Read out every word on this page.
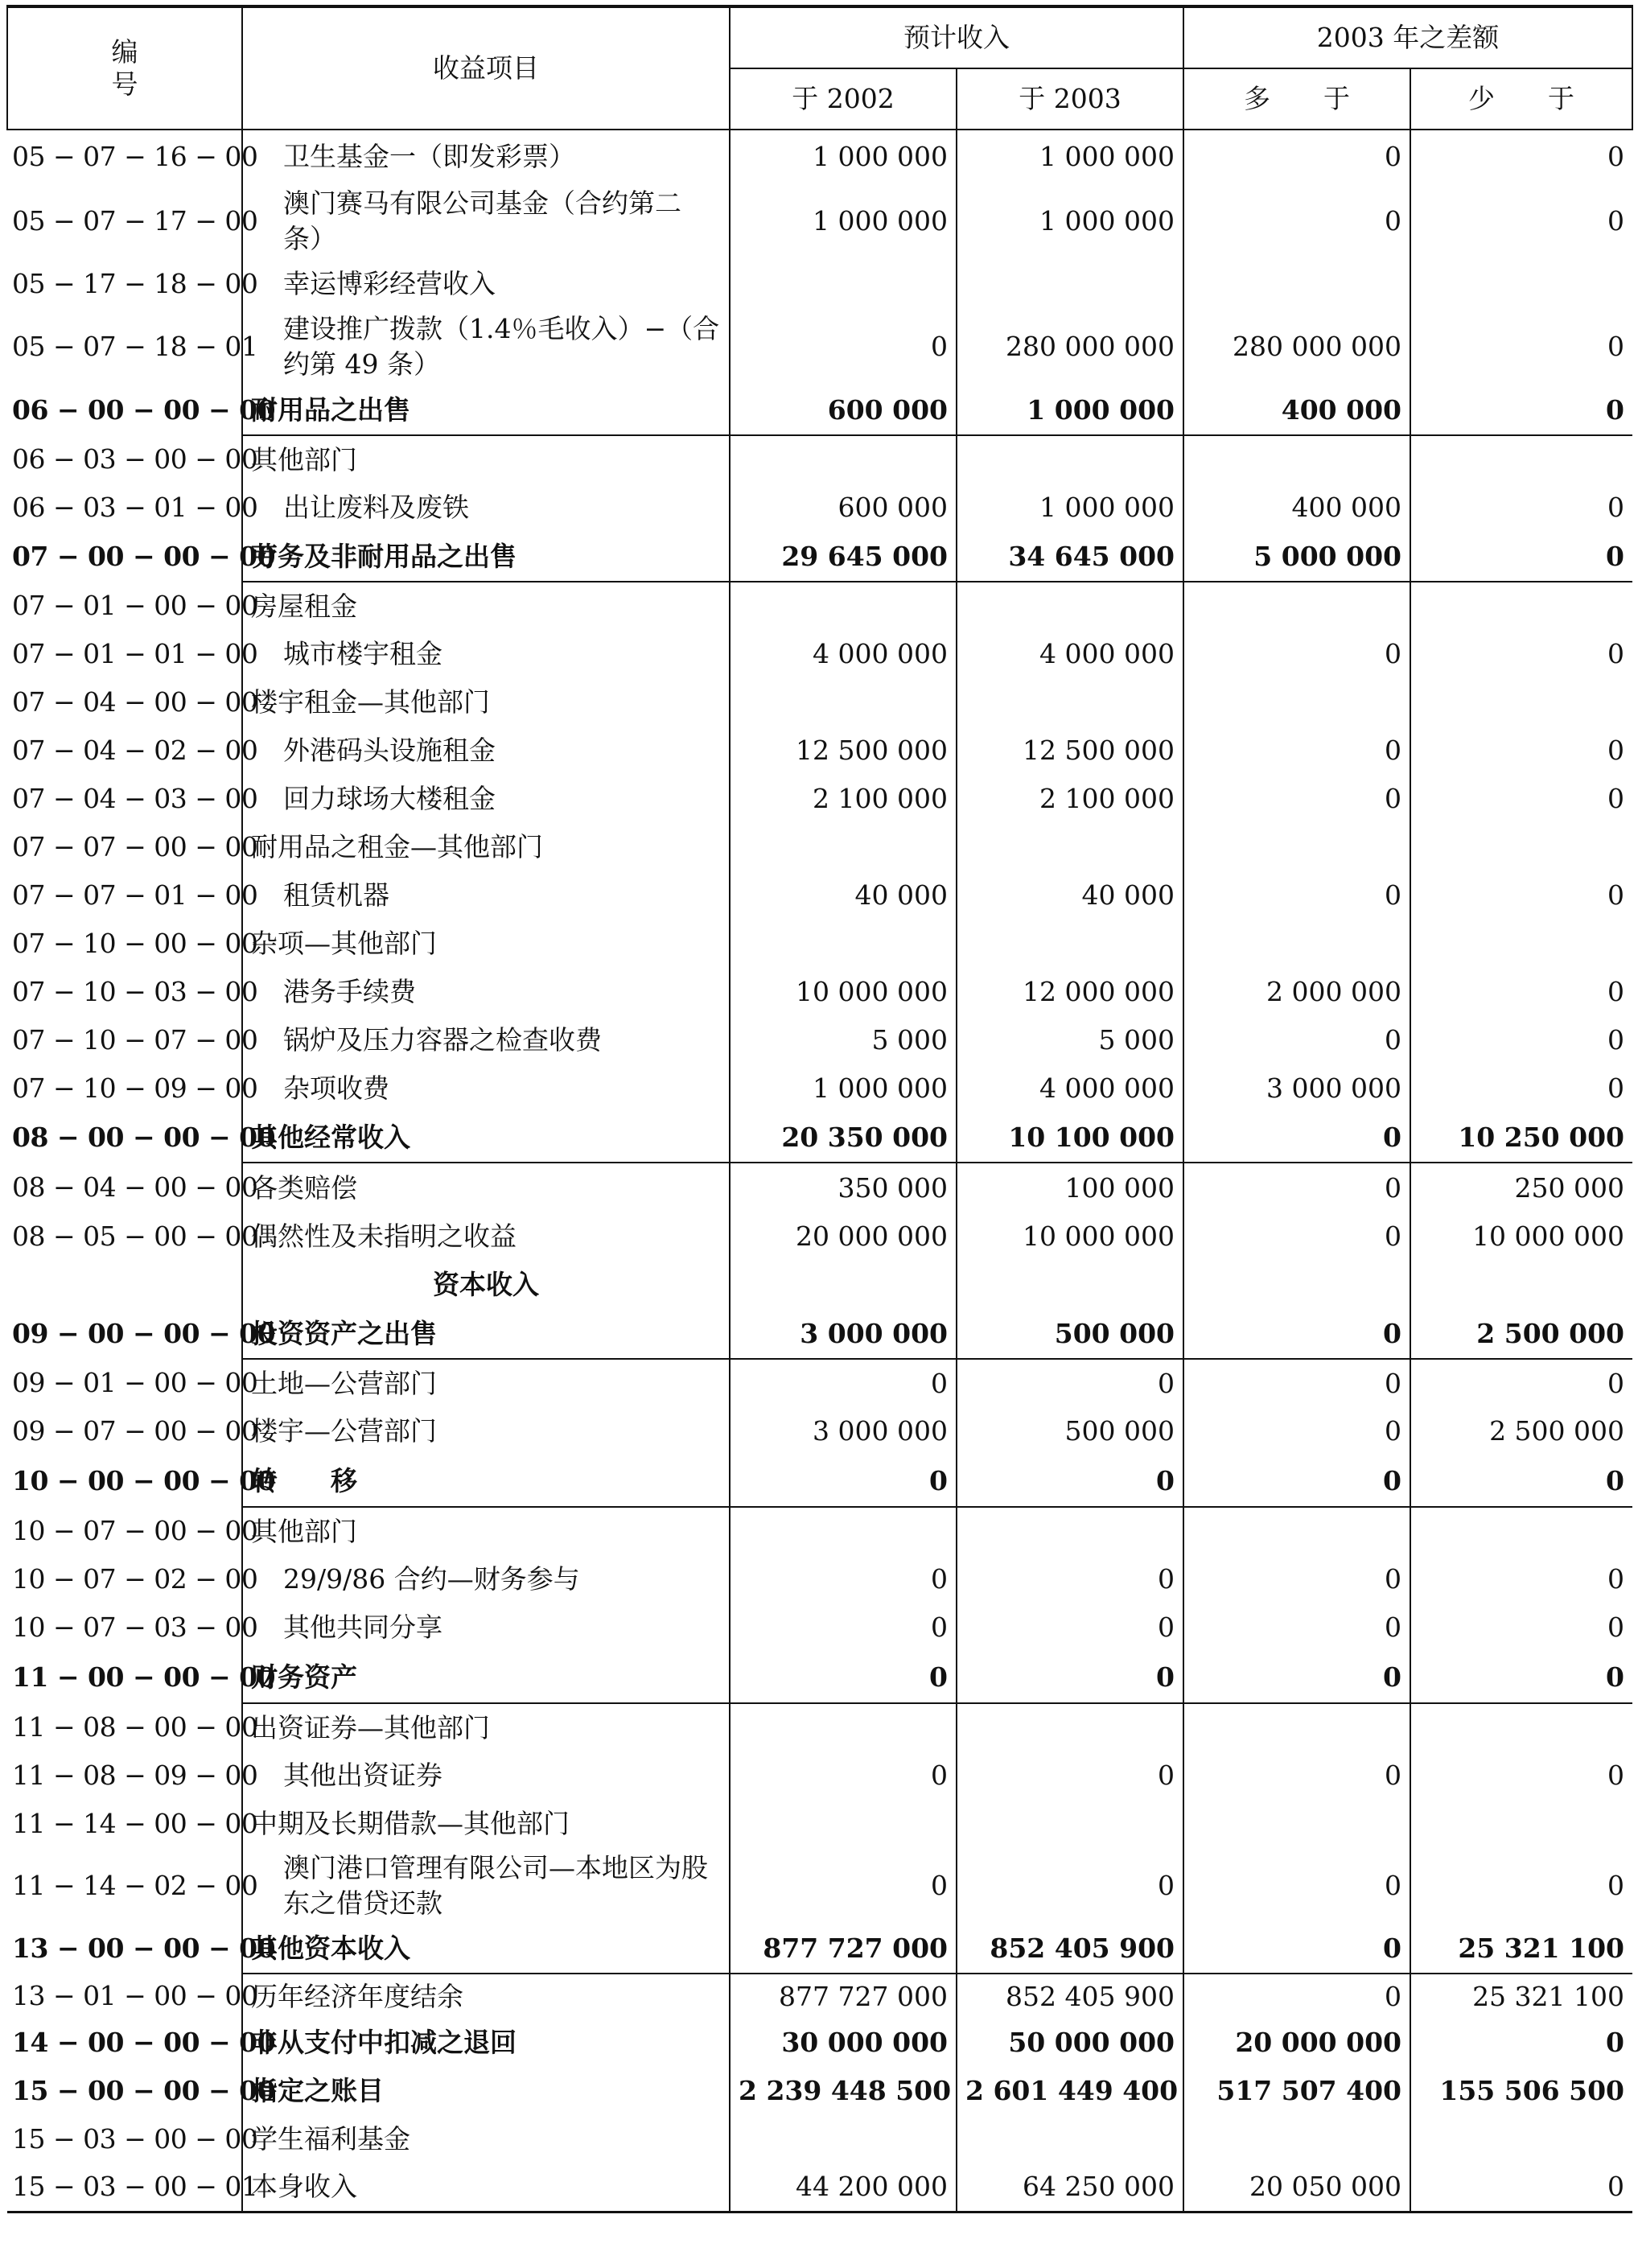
编 号	收益项目	预计收入		2003 年之差额	
		于 2002	于 2003	多　　于	少　　于
05 − 07 − 16 − 00	卫生基金一（即发彩票）	1 000 000	1 000 000	0	0
05 − 07 − 17 − 00	澳门赛马有限公司基金（合约第二条）	1 000 000	1 000 000	0	0
05 − 17 − 18 − 00	幸运博彩经营收入				
05 − 07 − 18 − 01	建设推广拨款（1.4％毛收入）−（合约第 49 条）	0	280 000 000	280 000 000	0
06 − 00 − 00 − 00	耐用品之出售	600 000	1 000 000	400 000	0
06 − 03 − 00 − 00	其他部门				
06 − 03 − 01 − 00	出让废料及废铁	600 000	1 000 000	400 000	0
07 − 00 − 00 − 00	劳务及非耐用品之出售	29 645 000	34 645 000	5 000 000	0
07 − 01 − 00 − 00	房屋租金				
07 − 01 − 01 − 00	城市楼宇租金	4 000 000	4 000 000	0	0
07 − 04 − 00 − 00	楼宇租金—其他部门				
07 − 04 − 02 − 00	外港码头设施租金	12 500 000	12 500 000	0	0
07 − 04 − 03 − 00	回力球场大楼租金	2 100 000	2 100 000	0	0
07 − 07 − 00 − 00	耐用品之租金—其他部门				
07 − 07 − 01 − 00	租赁机器	40 000	40 000	0	0
07 − 10 − 00 − 00	杂项—其他部门				
07 − 10 − 03 − 00	港务手续费	10 000 000	12 000 000	2 000 000	0
07 − 10 − 07 − 00	锅炉及压力容器之检查收费	5 000	5 000	0	0
07 − 10 − 09 − 00	杂项收费	1 000 000	4 000 000	3 000 000	0
08 − 00 − 00 − 00	其他经常收入	20 350 000	10 100 000	0	10 250 000
08 − 04 − 00 − 00	各类赔偿	350 000	100 000	0	250 000
08 − 05 − 00 − 00	偶然性及未指明之收益	20 000 000	10 000 000	0	10 000 000
	资本收入				
09 − 00 − 00 − 00	投资资产之出售	3 000 000	500 000	0	2 500 000
09 − 01 − 00 − 00	土地—公营部门	0	0	0	0
09 − 07 − 00 − 00	楼宇—公营部门	3 000 000	500 000	0	2 500 000
10 − 00 − 00 − 00	转　　移	0	0	0	0
10 − 07 − 00 − 00	其他部门				
10 − 07 − 02 − 00	29/9/86 合约—财务参与	0	0	0	0
10 − 07 − 03 − 00	其他共同分享	0	0	0	0
11 − 00 − 00 − 00	财务资产	0	0	0	0
11 − 08 − 00 − 00	出资证券—其他部门				
11 − 08 − 09 − 00	其他出资证券	0	0	0	0
11 − 14 − 00 − 00	中期及长期借款—其他部门				
11 − 14 − 02 − 00	澳门港口管理有限公司—本地区为股东之借贷还款	0	0	0	0
13 − 00 − 00 − 00	其他资本收入	877 727 000	852 405 900	0	25 321 100
13 − 01 − 00 − 00	历年经济年度结余	877 727 000	852 405 900	0	25 321 100
14 − 00 − 00 − 00	非从支付中扣减之退回	30 000 000	50 000 000	20 000 000	0
15 − 00 − 00 − 00	指定之账目	2 239 448 500	2 601 449 400	517 507 400	155 506 500
15 − 03 − 00 − 00	学生福利基金				
15 − 03 − 00 − 01	本身收入	44 200 000	64 250 000	20 050 000	0
